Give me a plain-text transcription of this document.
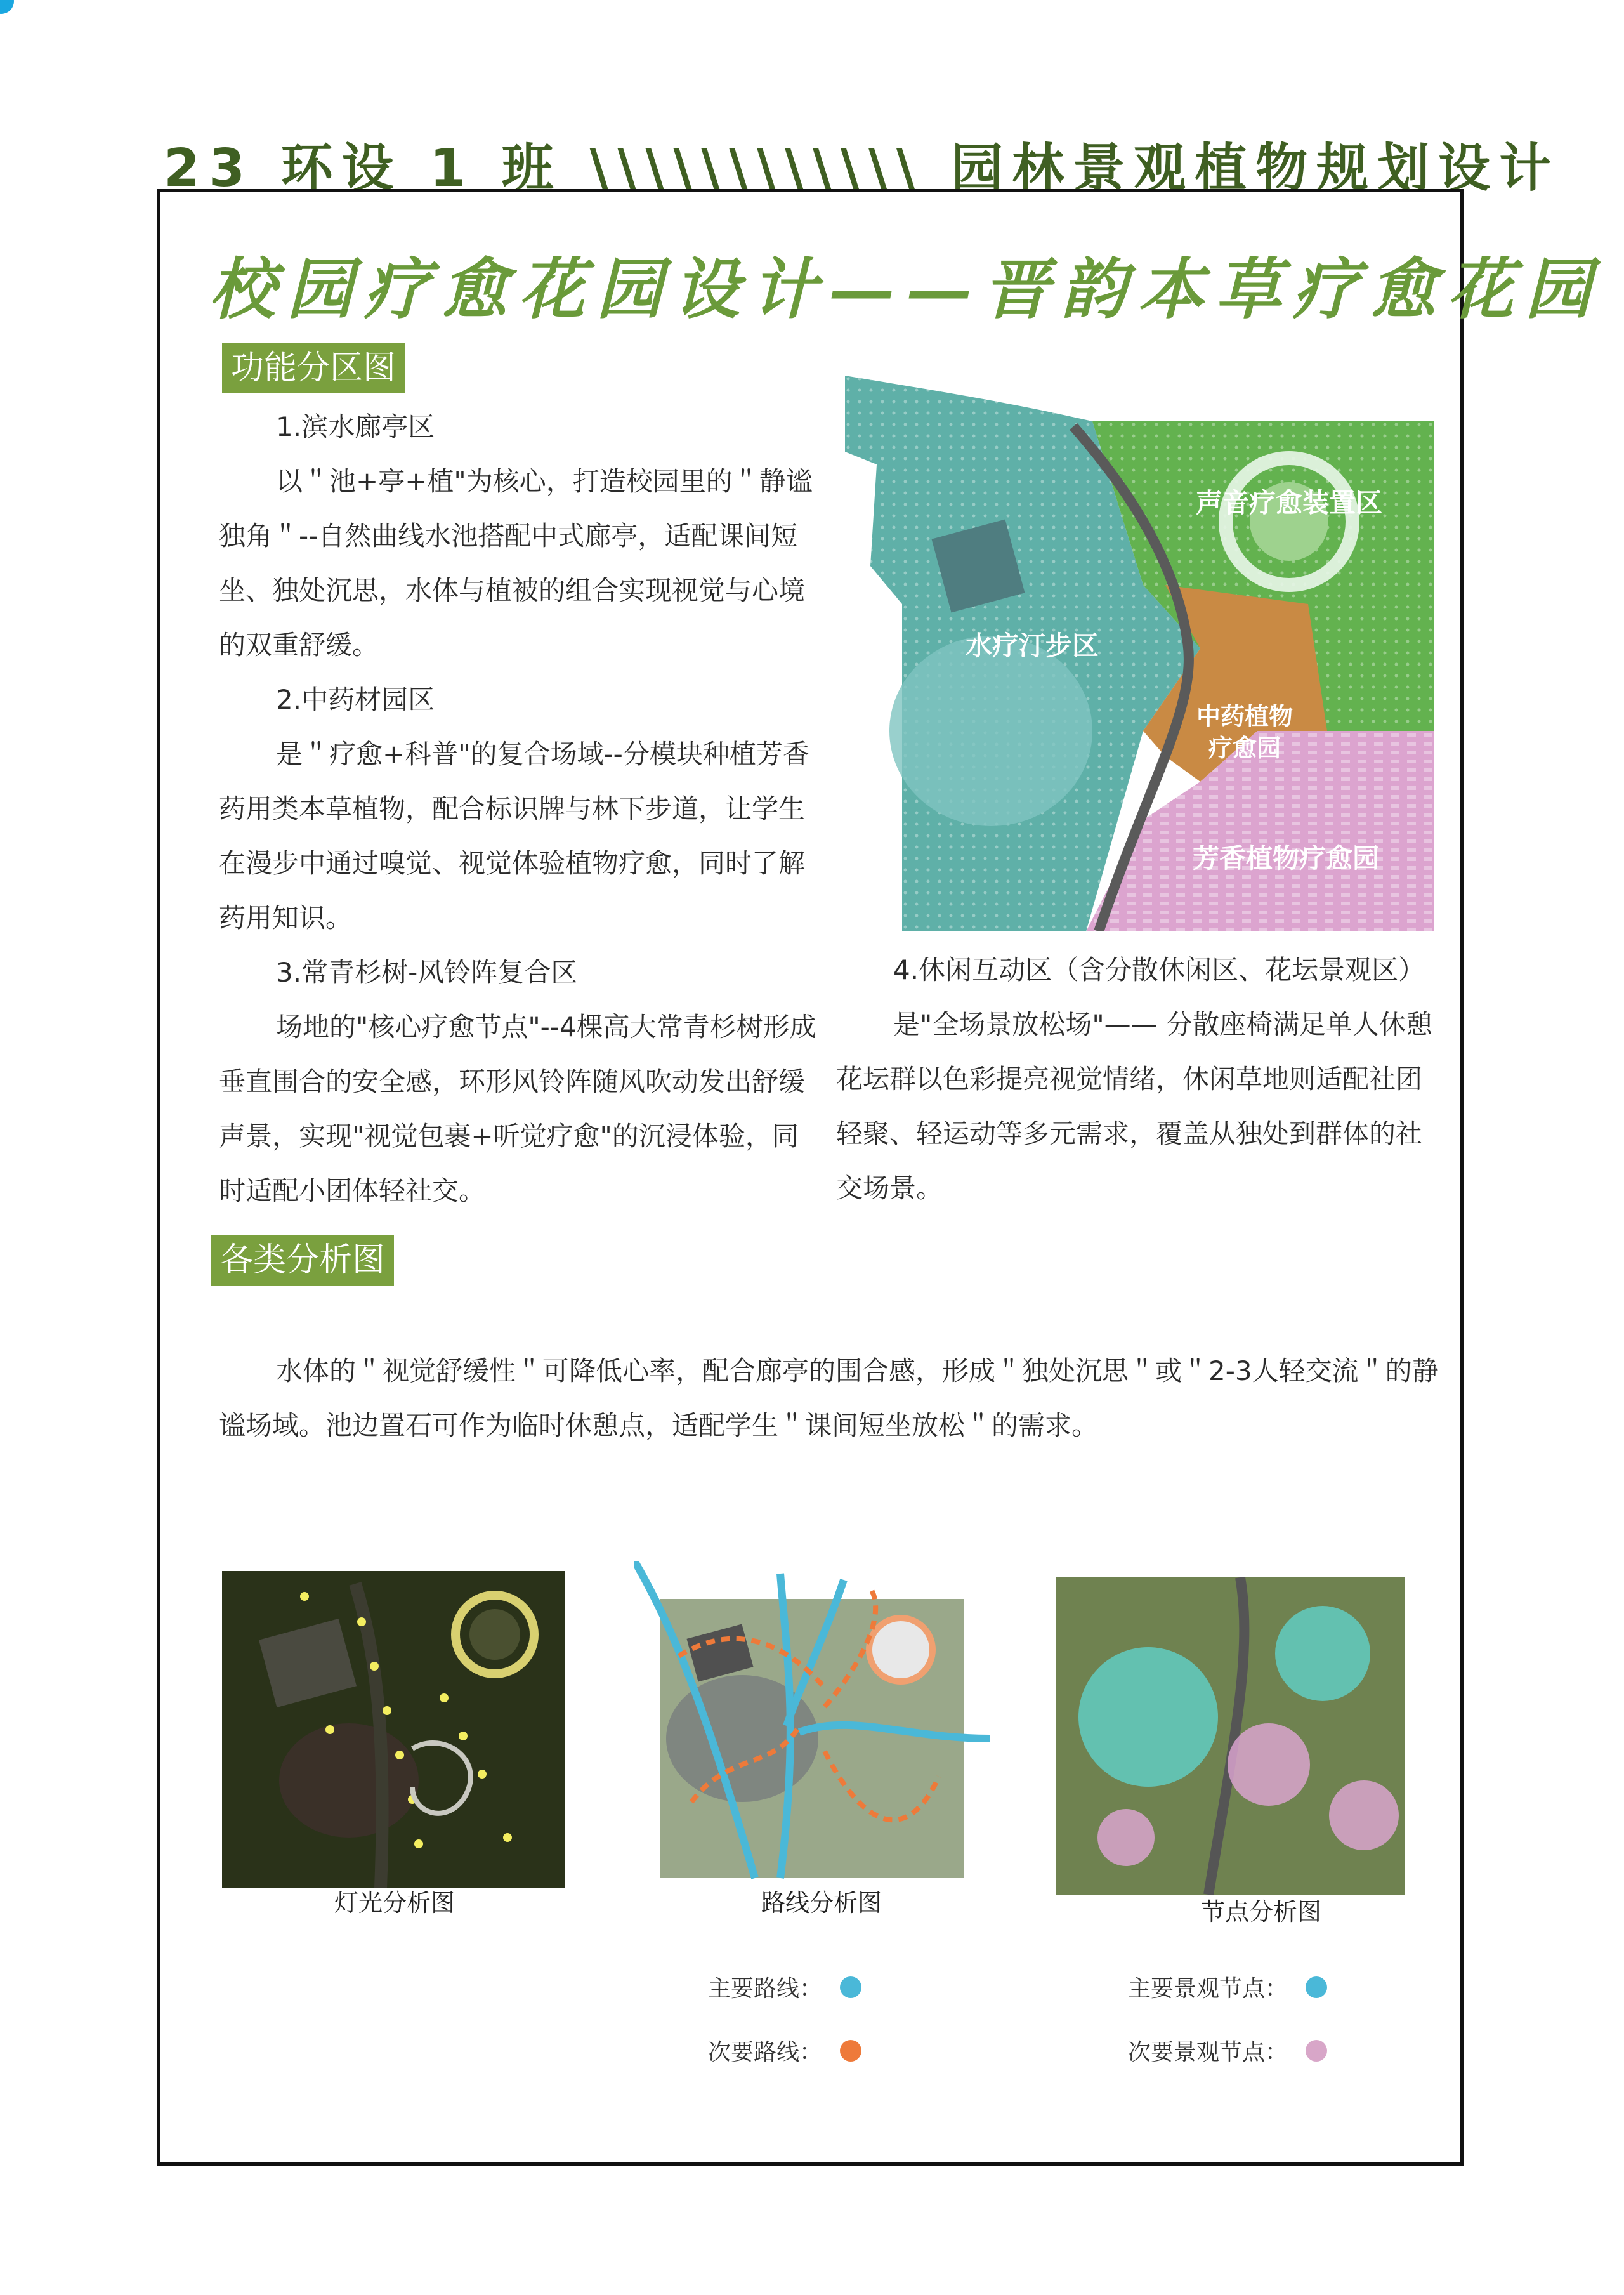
23 环设 1 班 \\\\\\\\\\\\ 园林景观植物规划设计
校园疗愈花园设计——晋韵本草疗愈花园
功能分区图

1.滨水廊亭区

以＂池+亭+植"为核心，打造校园里的＂静谧独角＂--自然曲线水池搭配中式廊亭，适配课间短坐、独处沉思，水体与植被的组合实现视觉与心境的双重舒缓。

2.中药材园区

是＂疗愈+科普"的复合场域--分模块种植芳香药用类本草植物，配合标识牌与林下步道，让学生在漫步中通过嗅觉、视觉体验植物疗愈，同时了解药用知识。

3.常青杉树-风铃阵复合区

场地的"核心疗愈节点"--4棵高大常青杉树形成垂直围合的安全感，环形风铃阵随风吹动发出舒缓声景，实现"视觉包裹+听觉疗愈"的沉浸体验，同时适配小团体轻社交。

4.休闲互动区（含分散休闲区、花坛景观区）

是"全场景放松场"—— 分散座椅满足单人休憩花坛群以色彩提亮视觉情绪，休闲草地则适配社团轻聚、轻运动等多元需求，覆盖从独处到群体的社交场景。

声音疗愈装置区
水疗汀步区
中药植物
疗愈园
芳香植物疗愈园
各类分析图

水体的＂视觉舒缓性＂可降低心率，配合廊亭的围合感，形成＂独处沉思＂或＂2-3人轻交流＂的静谧场域。池边置石可作为临时休憩点，适配学生＂课间短坐放松＂的需求。

灯光分析图	路线分析图	节点分析图
主要路线：
次要路线：
主要景观节点：
次要景观节点：
